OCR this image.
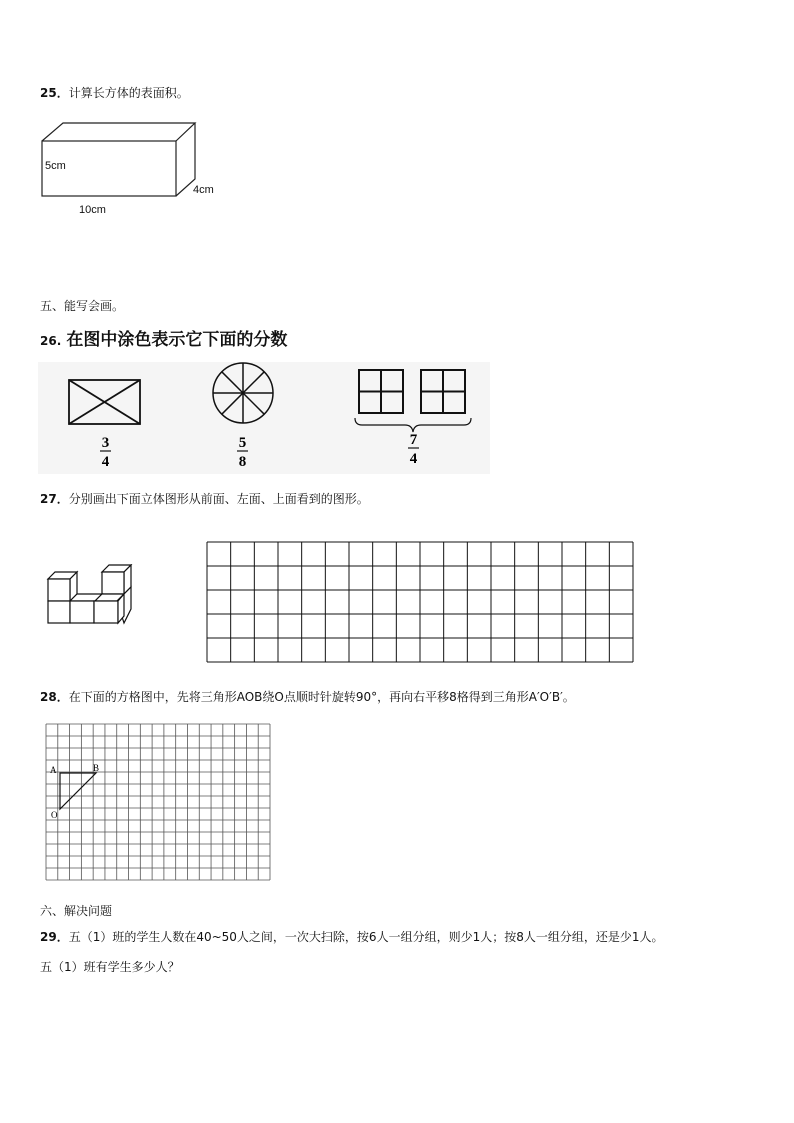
25．计算长方体的表面积。
5cm
4cm
10cm
五、能写会画。
26. 在图中涂色表示它下面的分数
3
4
5
8
7
4
27．分别画出下面立体图形从前面、左面、上面看到的图形。
28．在下面的方格图中，先将三角形AOB绕O点顺时针旋转90°，再向右平移8格得到三角形A′O′B′。
A	B
O
六、解决问题
29．五（1）班的学生人数在40~50人之间，一次大扫除，按6人一组分组，则少1人；按8人一组分组，还是少1人。
五（1）班有学生多少人？
